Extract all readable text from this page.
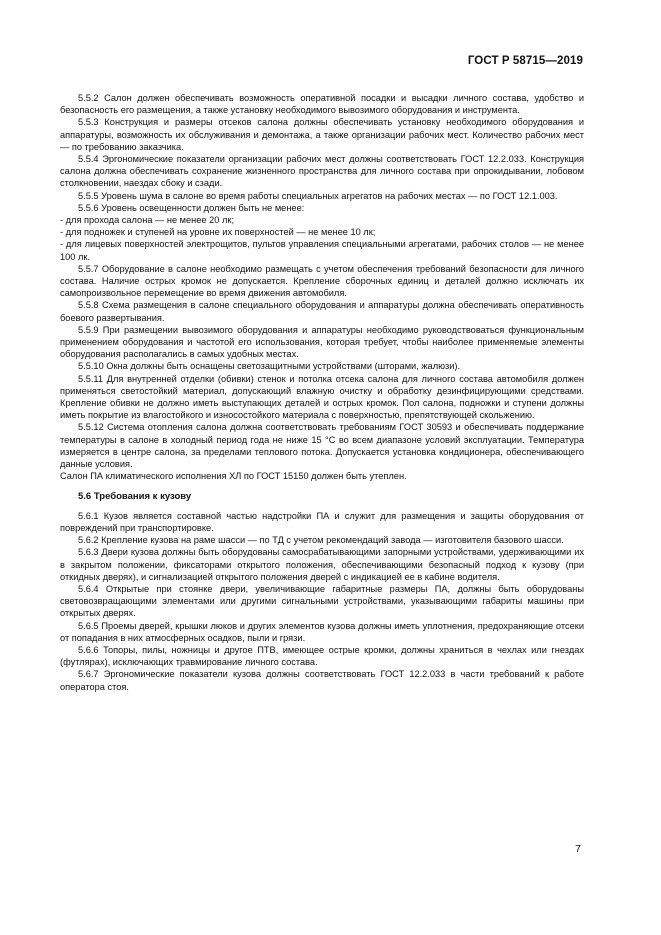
ГОСТ Р 58715—2019

5.5.2 Салон должен обеспечивать возможность оперативной посадки и высадки личного состава, удобство и безопасность его размещения, а также установку необходимого вывозимого оборудования и инструмента.

5.5.3 Конструкция и размеры отсеков салона должны обеспечивать установку необходимого оборудования и аппаратуры, возможность их обслуживания и демонтажа, а также организации рабочих мест. Количество рабочих мест — по требованию заказчика.

5.5.4 Эргономические показатели организации рабочих мест должны соответствовать ГОСТ 12.2.033. Конструкция салона должна обеспечивать сохранение жизненного пространства для личного состава при опрокидывании, лобовом столкновении, наездах сбоку и сзади.

5.5.5 Уровень шума в салоне во время работы специальных агрегатов на рабочих местах — по ГОСТ 12.1.003.

5.5.6 Уровень освещенности должен быть не менее:

- для прохода салона — не менее 20 лк;

- для подножек и ступеней на уровне их поверхностей — не менее 10 лк;

- для лицевых поверхностей электрощитов, пультов управления специальными агрегатами, рабочих столов — не менее 100 лк.

5.5.7 Оборудование в салоне необходимо размещать с учетом обеспечения требований безопасности для личного состава. Наличие острых кромок не допускается. Крепление сборочных единиц и деталей должно исключать их самопроизвольное перемещение во время движения автомобиля.

5.5.8 Схема размещения в салоне специального оборудования и аппаратуры должна обеспечивать оперативность боевого развертывания.

5.5.9 При размещении вывозимого оборудования и аппаратуры необходимо руководствоваться функциональным применением оборудования и частотой его использования, которая требует, чтобы наиболее применяемые элементы оборудования располагались в самых удобных местах.

5.5.10 Окна должны быть оснащены светозащитными устройствами (шторами, жалюзи).

5.5.11 Для внутренней отделки (обивки) стенок и потолка отсека салона для личного состава автомобиля должен применяться светостойкий материал, допускающий влажную очистку и обработку дезинфицирующими средствами. Крепление обивки не должно иметь выступающих деталей и острых кромок. Пол салона, подножки и ступени должны иметь покрытие из влагостойкого и износостойкого материала с поверхностью, препятствующей скольжению.

5.5.12 Система отопления салона должна соответствовать требованиям ГОСТ 30593 и обеспечивать поддержание температуры в салоне в холодный период года не ниже 15 °С во всем диапазоне условий эксплуатации. Температура измеряется в центре салона, за пределами теплового потока. Допускается установка кондиционера, обеспечивающего данные условия.

Салон ПА климатического исполнения ХЛ по ГОСТ 15150 должен быть утеплен.

5.6 Требования к кузову

5.6.1 Кузов является составной частью надстройки ПА и служит для размещения и защиты оборудования от повреждений при транспортировке.

5.6.2 Крепление кузова на раме шасси — по ТД с учетом рекомендаций завода — изготовителя базового шасси.

5.6.3 Двери кузова должны быть оборудованы самосрабатывающими запорными устройствами, удерживающими их в закрытом положении, фиксаторами открытого положения, обеспечивающими безопасный подход к кузову (при откидных дверях), и сигнализацией открытого положения дверей с индикацией ее в кабине водителя.

5.6.4 Открытые при стоянке двери, увеличивающие габаритные размеры ПА, должны быть оборудованы световозвращающими элементами или другими сигнальными устройствами, указывающими габариты машины при открытых дверях.

5.6.5 Проемы дверей, крышки люков и других элементов кузова должны иметь уплотнения, предохраняющие отсеки от попадания в них атмосферных осадков, пыли и грязи.

5.6.6 Топоры, пилы, ножницы и другое ПТВ, имеющее острые кромки, должны храниться в чехлах или гнездах (футлярах), исключающих травмирование личного состава.

5.6.7 Эргономические показатели кузова должны соответствовать ГОСТ 12.2.033 в части требований к работе оператора стоя.

7
